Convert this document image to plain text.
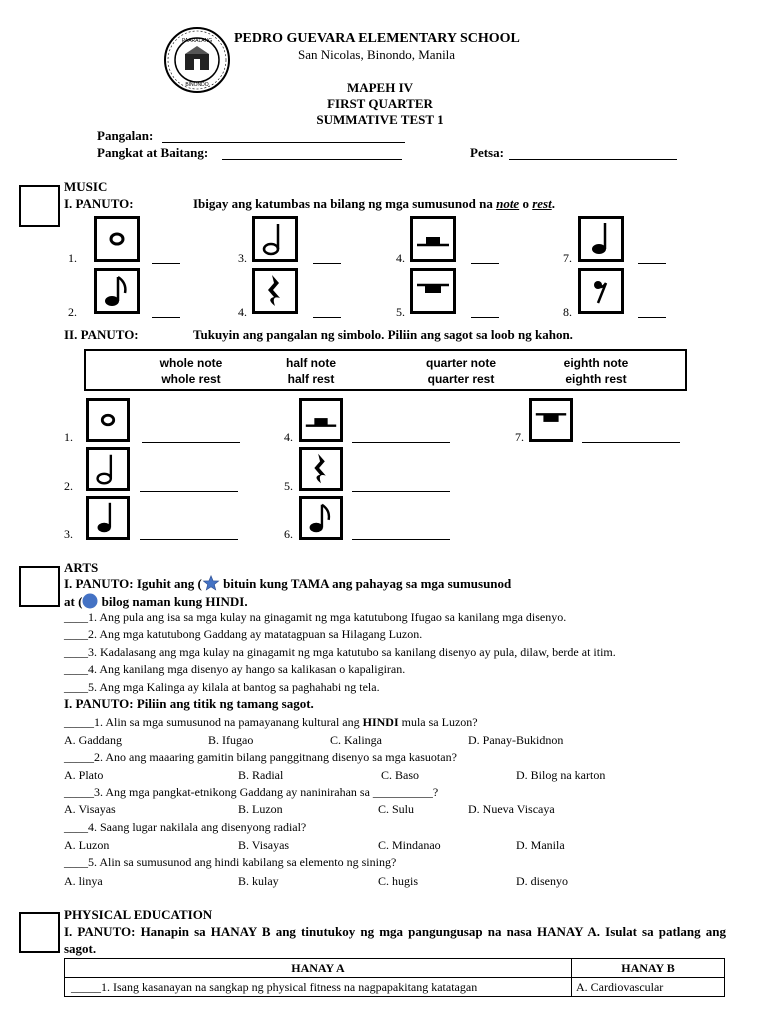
PAARALANG
BINONDO
PEDRO GUEVARA ELEMENTARY SCHOOL
San Nicolas, Binondo, Manila
MAPEH IV
FIRST QUARTER
SUMMATIVE TEST 1
Pangalan:
Pangkat at Baitang:	Petsa:
MUSIC
I. PANUTO:	Ibigay ang katumbas na bilang ng mga sumusunod na note o rest.
1.
2.
3.
4.
4.
5.
7.
8.
II. PANUTO:	Tukuyin ang pangalan ng simbolo. Piliin ang sagot sa loob ng kahon.
whole note	half note	quarter note	eighth note
whole rest	half rest	quarter rest	eighth rest
1.
2.
3.
4.
5.
6.
7.
ARTS
I. PANUTO: Iguhit ang ( bituin kung TAMA ang pahayag sa mga sumusunod
at ( bilog naman kung HINDI.
____1. Ang pula ang isa sa mga kulay na ginagamit ng mga katutubong Ifugao sa kanilang mga disenyo.
____2. Ang mga katutubong Gaddang ay matatagpuan sa Hilagang Luzon.
____3. Kadalasang ang mga kulay na ginagamit ng mga katutubo sa kanilang disenyo ay pula, dilaw, berde at itim.
____4. Ang kanilang mga disenyo ay hango sa kalikasan o kapaligiran.
____5. Ang mga Kalinga ay kilala at bantog sa paghahabi ng tela.
I. PANUTO: Piliin ang titik ng tamang sagot.
_____1. Alin sa mga sumusunod na pamayanang kultural ang HINDI mula sa Luzon?
A. Gaddang	B. Ifugao	C. Kalinga	D. Panay-Bukidnon
_____2. Ano ang maaaring gamitin bilang panggitnang disenyo sa mga kasuotan?
A. Plato	B. Radial	C. Baso	D. Bilog na karton
_____3. Ang mga pangkat-etnikong Gaddang ay naninirahan sa __________?
A. Visayas	B. Luzon	C. Sulu	D. Nueva Viscaya
____4. Saang lugar nakilala ang disenyong radial?
A. Luzon	B. Visayas	C. Mindanao	D. Manila
____5. Alin sa sumusunod ang hindi kabilang sa elemento ng sining?
A. linya	B. kulay	C. hugis	D. disenyo
PHYSICAL EDUCATION
I. PANUTO: Hanapin sa HANAY B ang tinutukoy ng mga pangungusap na nasa HANAY A. Isulat sa patlang ang sagot.
HANAY A	HANAY B
_____1. Isang kasanayan na sangkap ng physical fitness na nagpapakitang katatagan	A. Cardiovascular
